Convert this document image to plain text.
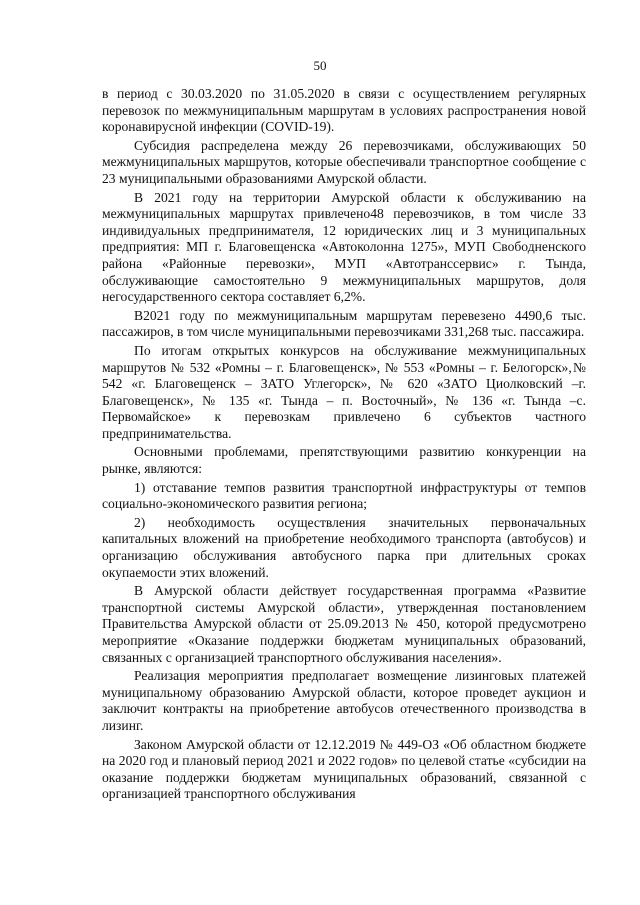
50

в период с 30.03.2020 по 31.05.2020 в связи с осуществлением регулярных перевозок по межмуниципальным маршрутам в условиях распространения новой коронавирусной инфекции (COVID-19).

Субсидия распределена между 26 перевозчиками, обслуживающих 50 межмуниципальных маршрутов, которые обеспечивали транспортное сообщение с 23 муниципальными образованиями Амурской области.

В 2021 году на территории Амурской области к обслуживанию на межмуниципальных маршрутах привлечено48 перевозчиков, в том числе 33 индивидуальных предпринимателя, 12 юридических лиц и 3 муниципальных предприятия: МП г. Благовещенска «Автоколонна 1275», МУП Свободненского района «Районные перевозки», МУП «Автотранссервис» г. Тында, обслуживающие самостоятельно 9 межмуниципальных маршрутов, доля негосударственного сектора составляет 6,2%.

В2021 году по межмуниципальным маршрутам перевезено 4490,6 тыс. пассажиров, в том числе муниципальными перевозчиками 331,268 тыс. пассажира.

По итогам открытых конкурсов на обслуживание межмуниципальных маршрутов № 532 «Ромны – г. Благовещенск», № 553 «Ромны – г. Белогорск»,№ 542 «г. Благовещенск – ЗАТО Углегорск», № 620 «ЗАТО Циолковский –г. Благовещенск», № 135 «г. Тында – п. Восточный», № 136 «г. Тында –с. Первомайское» к перевозкам привлечено 6 субъектов частного предпринимательства.

Основными проблемами, препятствующими развитию конкуренции на рынке, являются:

1) отставание темпов развития транспортной инфраструктуры от темпов социально-экономического развития региона;

2) необходимость осуществления значительных первоначальных капитальных вложений на приобретение необходимого транспорта (автобусов) и организацию обслуживания автобусного парка при длительных сроках окупаемости этих вложений.

В Амурской области действует государственная программа «Развитие транспортной системы Амурской области», утвержденная постановлением Правительства Амурской области от 25.09.2013 № 450, которой предусмотрено мероприятие «Оказание поддержки бюджетам муниципальных образований, связанных с организацией транспортного обслуживания населения».

Реализация мероприятия предполагает возмещение лизинговых платежей муниципальному образованию Амурской области, которое проведет аукцион и заключит контракты на приобретение автобусов отечественного производства в лизинг.

Законом Амурской области от 12.12.2019 № 449-ОЗ «Об областном бюджете на 2020 год и плановый период 2021 и 2022 годов» по целевой статье «субсидии на оказание поддержки бюджетам муниципальных образований, связанной с организацией транспортного обслуживания
